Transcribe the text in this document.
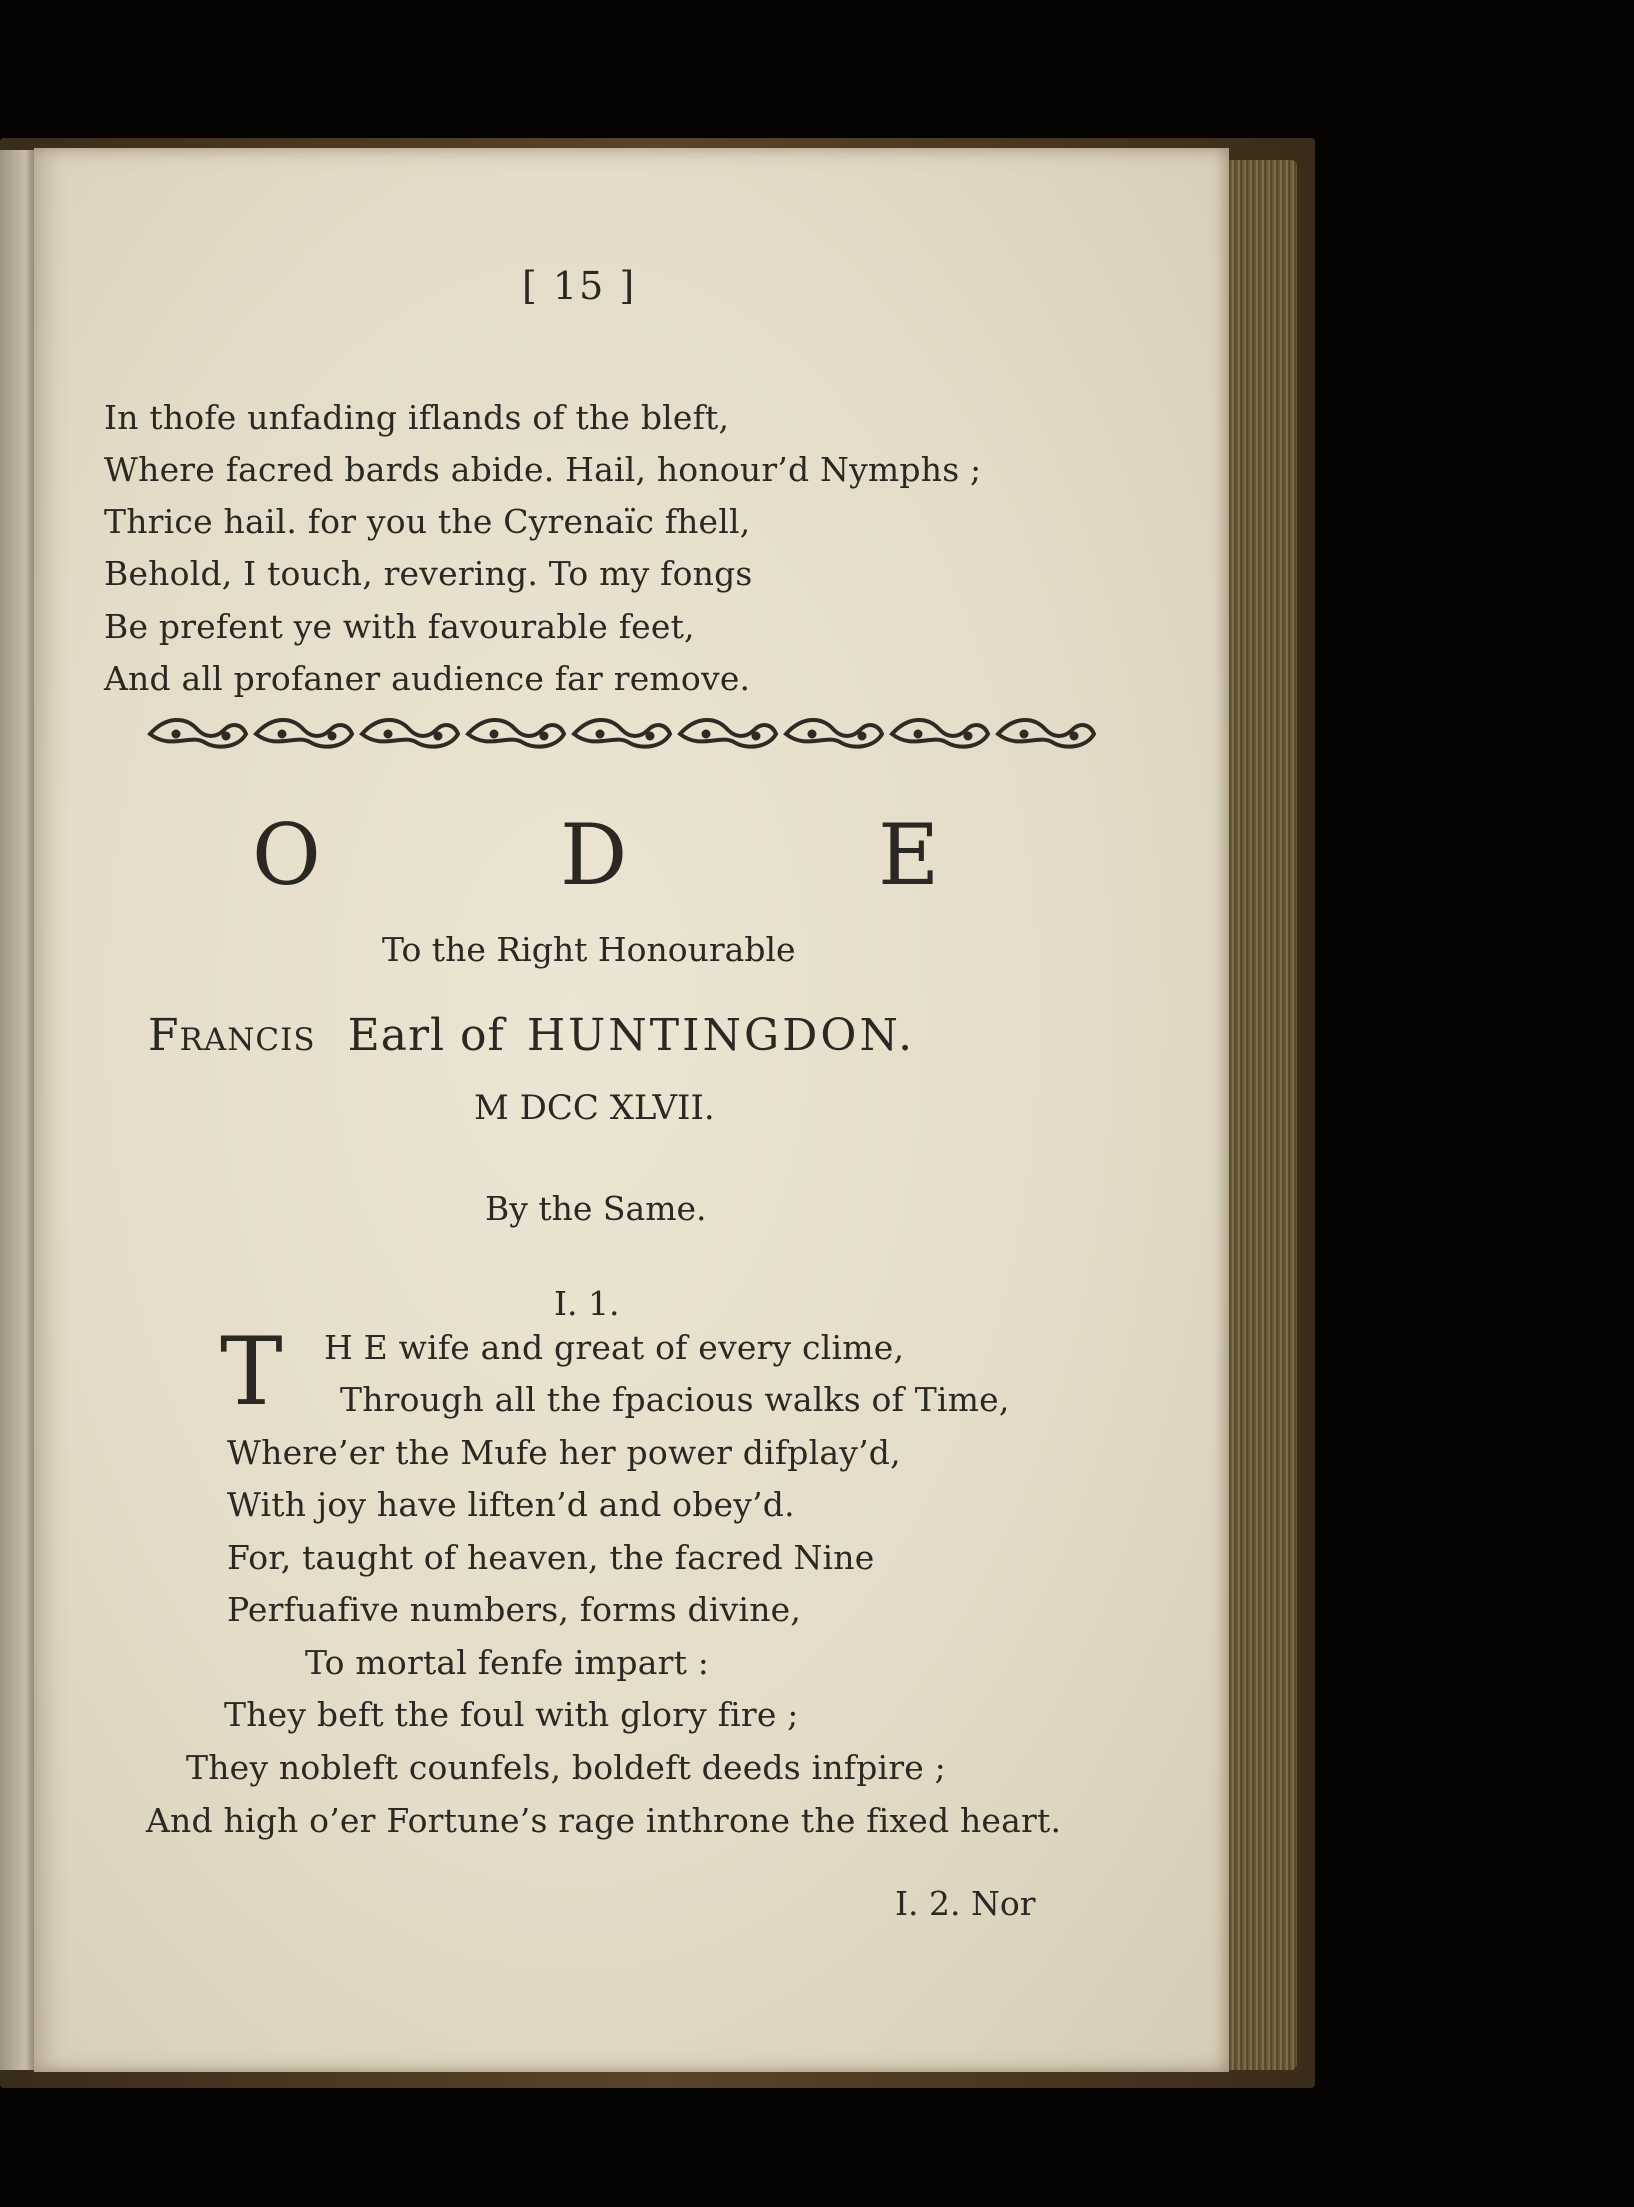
[ 15 ]
In thofe unfading iflands of the bleft,
Where facred bards abide. Hail, honour’d Nymphs ;
Thrice hail. for you the Cyrenaïc fhell,
Behold, I touch, revering. To my fongs
Be prefent ye with favourable feet,
And all profaner audience far remove.
O	D	E
To the Right Honourable
Francis Earl of HUNTINGDON.
M DCC XLVII.
By the Same.
I. 1.
T H E wife and great of every clime,
Through all the fpacious walks of Time,
Where’er the Mufe her power difplay’d,
With joy have liften’d and obey’d.
For, taught of heaven, the facred Nine
Perfuafive numbers, forms divine,
To mortal fenfe impart :
They beft the foul with glory fire ;
They nobleft counfels, boldeft deeds infpire ;
And high o’er Fortune’s rage inthrone the fixed heart.
I. 2. Nor
